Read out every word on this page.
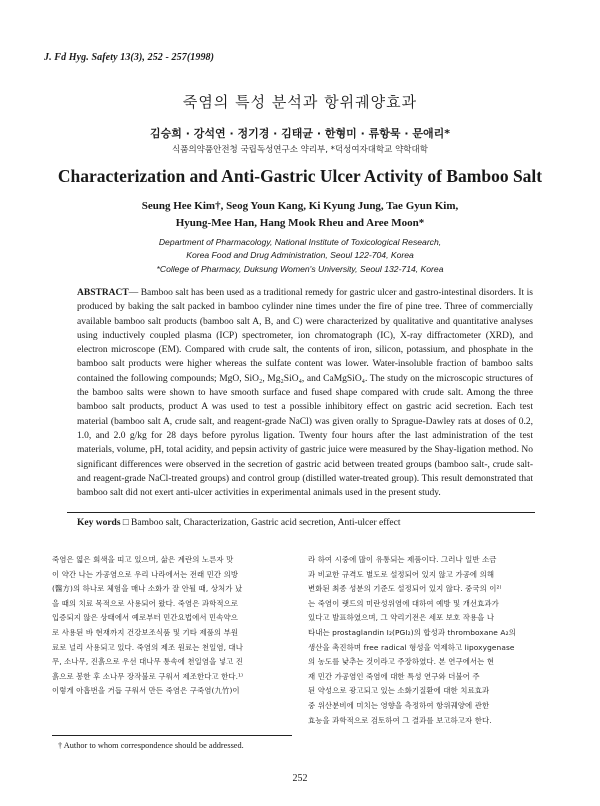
J. Fd Hyg. Safety 13(3), 252 - 257(1998)
죽염의 특성 분석과 항위궤양효과
김승희 · 강석연 · 정기경 · 김태균 · 한형미 · 류항묵 · 문애리*
식품의약품안전청 국립독성연구소 약리부, *덕성여자대학교 약학대학
Characterization and Anti-Gastric Ulcer Activity of Bamboo Salt
Seung Hee Kim†, Seog Youn Kang, Ki Kyung Jung, Tae Gyun Kim,
Hyung-Mee Han, Hang Mook Rheu and Aree Moon*
Department of Pharmacology, National Institute of Toxicological Research,
Korea Food and Drug Administration, Seoul 122-704, Korea
*College of Pharmacy, Duksung Women's University, Seoul 132-714, Korea
ABSTRACT— Bamboo salt has been used as a traditional remedy for gastric ulcer and gastro-intestinal disorders. It is produced by baking the salt packed in bamboo cylinder nine times under the fire of pine tree. Three of commercially available bamboo salt products (bamboo salt A, B, and C) were characterized by qualitative and quantitative analyses using inductively coupled plasma (ICP) spectrometer, ion chromatograph (IC), X-ray diffractometer (XRD), and electron microscope (EM). Compared with crude salt, the contents of iron, silicon, potassium, and phosphate in the bamboo salt products were higher whereas the sulfate content was lower. Water-insoluble fraction of bamboo salts contained the following compounds; MgO, SiO₂, Mg₂SiO₄, and CaMgSiO₄. The study on the microscopic structures of the bamboo salts were shown to have smooth surface and fused shape compared with crude salt. Among the three bamboo salt products, product A was used to test a possible inhibitory effect on gastric acid secretion. Each test material (bamboo salt A, crude salt, and reagent-grade NaCl) was given orally to Sprague-Dawley rats at doses of 0.2, 1.0, and 2.0 g/kg for 28 days before pyrolus ligation. Twenty four hours after the last administration of the test materials, volume, pH, total acidity, and pepsin activity of gastric juice were measured by the Shay-ligation method. No significant differences were observed in the secretion of gastric acid between treated groups (bamboo salt-, crude salt- and reagent-grade NaCl-treated groups) and control group (distilled water-treated group). This result demonstrated that bamboo salt did not exert anti-ulcer activities in experimental animals used in the present study.
Key words □ Bamboo salt, Characterization, Gastric acid secretion, Anti-ulcer effect
죽염은 엷은 회색을 띠고 있으며, 삶은 계란의 노른자 맛
이 약간 나는 가공염으로 우리 나라에서는 전래 민간 의방
(醫方)의 하나로 체험을 매나 소화가 잘 안될 때, 상처가 났
을 때의 치료 목적으로 사용되어 왔다. 죽염은 과학적으로
입증되지 않은 상태에서 예로부터 민간요법에서 민속약으
로 사용된 바 현재까지 건강보조식품 및 기타 제품의 부원
료로 널리 사용되고 있다. 죽염의 제조 원료는 천일염, 대나
무, 소나무, 진흙으로 우선 대나무 통속에 천일염을 넣고 진
흙으로 봉한 후 소나무 장작불로 구워서 제조한다고 한다.¹⁾
이렇게 아홉번을 거듭 구워서 만든 죽염은 구죽염(九竹)이
라 하여 시중에 많이 유통되는 제품이다. 그러나 일반 소금
과 비교한 규격도 별도로 설정되어 있지 않고 가공에 의해
변화된 최종 성분의 기준도 설정되어 있지 않다. 중국의 이²⁾
는 죽염이 랫드의 미란성위염에 대하여 예방 및 개선효과가
있다고 발표하였으며, 그 약리기전은 세포 보호 작용을 나
타내는 prostaglandin I₂(PGI₂)의 합성과 thromboxane A₂의
생산을 촉진하며 free radical 형성을 억제하고 lipoxygenase
의 농도를 낮추는 것이라고 주장하였다. 본 연구에서는 현
재 민간 가공염인 죽염에 대한 특성 연구와 더불어 주
된 약성으로 광고되고 있는 소화기질환에 대한 치료효과
중 위산분비에 미치는 영향을 측정하여 항위궤양에 관한
효능을 과학적으로 검토하여 그 결과를 보고하고자 한다.
† Author to whom correspondence should be addressed.
252
